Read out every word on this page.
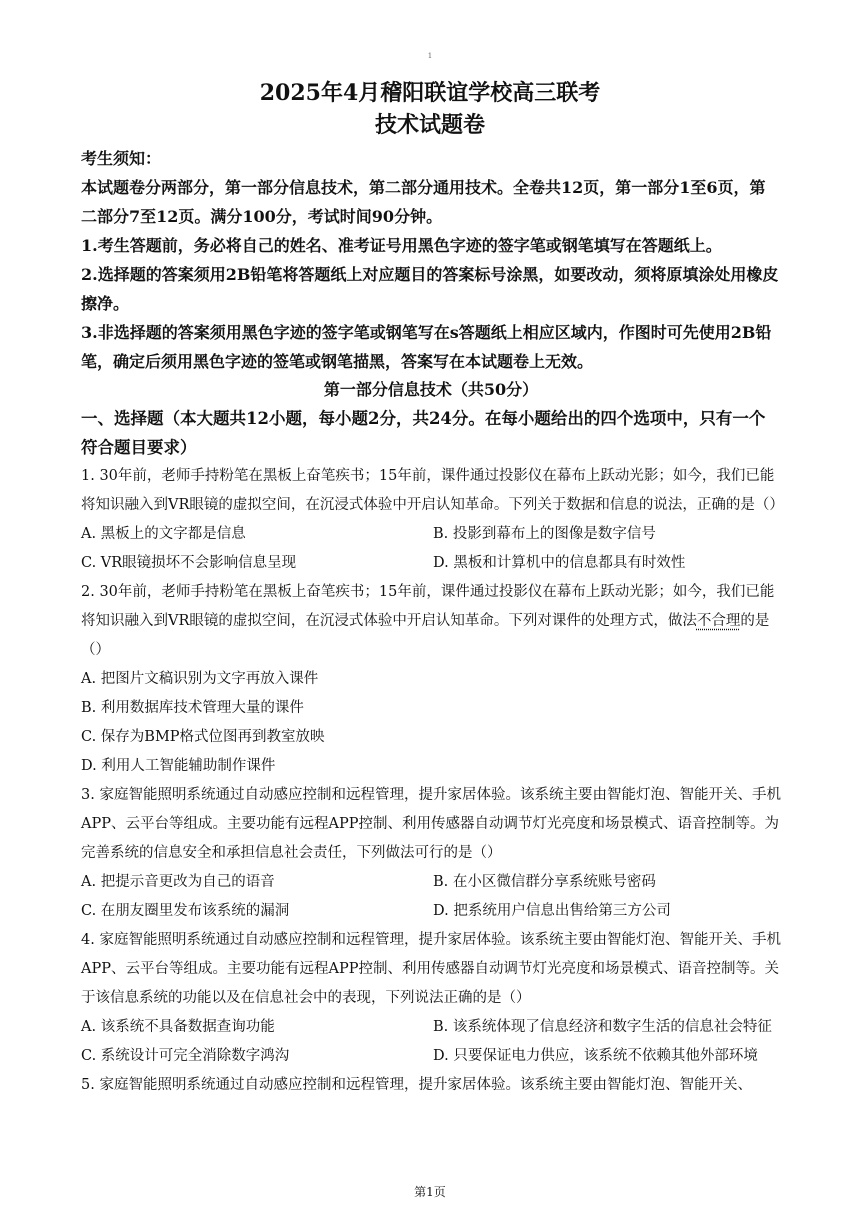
1
2025年4月稽阳联谊学校高三联考
技术试题卷

考生须知：

本试题卷分两部分，第一部分信息技术，第二部分通用技术。全卷共12页，第一部分1至6页，第二部分7至12页。满分100分，考试时间90分钟。

1.考生答题前，务必将自己的姓名、准考证号用黑色字迹的签字笔或钢笔填写在答题纸上。

2.选择题的答案须用2B铅笔将答题纸上对应题目的答案标号涂黑，如要改动，须将原填涂处用橡皮擦净。

3.非选择题的答案须用黑色字迹的签字笔或钢笔写在s答题纸上相应区域内，作图时可先使用2B铅笔，确定后须用黑色字迹的签笔或钢笔描黑，答案写在本试题卷上无效。

第一部分信息技术（共50分）

一、选择题（本大题共12小题，每小题2分，共24分。在每小题给出的四个选项中，只有一个符合题目要求）

1. 30年前，老师手持粉笔在黑板上奋笔疾书；15年前，课件通过投影仪在幕布上跃动光影；如今，我们已能将知识融入到VR眼镜的虚拟空间，在沉浸式体验中开启认知革命。下列关于数据和信息的说法，正确的是（）

A. 黑板上的文字都是信息	B. 投影到幕布上的图像是数字信号
C. VR眼镜损坏不会影响信息呈现	D. 黑板和计算机中的信息都具有时效性

2. 30年前，老师手持粉笔在黑板上奋笔疾书；15年前，课件通过投影仪在幕布上跃动光影；如今，我们已能将知识融入到VR眼镜的虚拟空间，在沉浸式体验中开启认知革命。下列对课件的处理方式，做法不合理的是（）

A. 把图片文稿识别为文字再放入课件
B. 利用数据库技术管理大量的课件
C. 保存为BMP格式位图再到教室放映
D. 利用人工智能辅助制作课件

3. 家庭智能照明系统通过自动感应控制和远程管理，提升家居体验。该系统主要由智能灯泡、智能开关、手机APP、云平台等组成。主要功能有远程APP控制、利用传感器自动调节灯光亮度和场景模式、语音控制等。为完善系统的信息安全和承担信息社会责任，下列做法可行的是（）

A. 把提示音更改为自己的语音	B. 在小区微信群分享系统账号密码
C. 在朋友圈里发布该系统的漏洞	D. 把系统用户信息出售给第三方公司

4. 家庭智能照明系统通过自动感应控制和远程管理，提升家居体验。该系统主要由智能灯泡、智能开关、手机APP、云平台等组成。主要功能有远程APP控制、利用传感器自动调节灯光亮度和场景模式、语音控制等。关于该信息系统的功能以及在信息社会中的表现，下列说法正确的是（）

A. 该系统不具备数据查询功能	B. 该系统体现了信息经济和数字生活的信息社会特征
C. 系统设计可完全消除数字鸿沟	D. 只要保证电力供应，该系统不依赖其他外部环境

5. 家庭智能照明系统通过自动感应控制和远程管理，提升家居体验。该系统主要由智能灯泡、智能开关、

第1页
